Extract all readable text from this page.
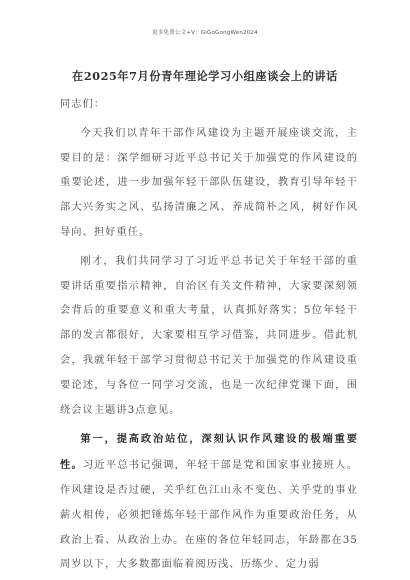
更多免费公文+V：GiGoGongWen2024
在2025年7月份青年理论学习小组座谈会上的讲话

同志们：

今天我们以青年干部作风建设为主题开展座谈交流，主要目的是：深学细研习近平总书记关于加强党的作风建设的重要论述，进一步加强年轻干部队伍建设，教育引导年轻干部大兴务实之风、弘扬清廉之风、养成简朴之风，树好作风导向、担好重任。

刚才，我们共同学习了习近平总书记关于年轻干部的重要讲话重要指示精神，自治区有关文件精神，大家要深刻领会背后的重要意义和重大考量，认真抓好落实；5位年轻干部的发言都很好，大家要相互学习借鉴，共同进步。借此机会，我就年轻干部学习贯彻总书记关于加强党的作风建设重要论述，与各位一同学习交流，也是一次纪律党课下面，围绕会议主题讲3点意见。

第一，提高政治站位，深刻认识作风建设的极端重要性。习近平总书记强调，年轻干部是党和国家事业接班人。作风建设是否过硬，关乎红色江山永不变色、关乎党的事业薪火相传，必须把锤炼年轻干部作风作为重要政治任务，从政治上看、从政治上办。在座的各位年轻同志，年龄都在35周岁以下，大多数都面临着阅历浅、历练少、定力弱
